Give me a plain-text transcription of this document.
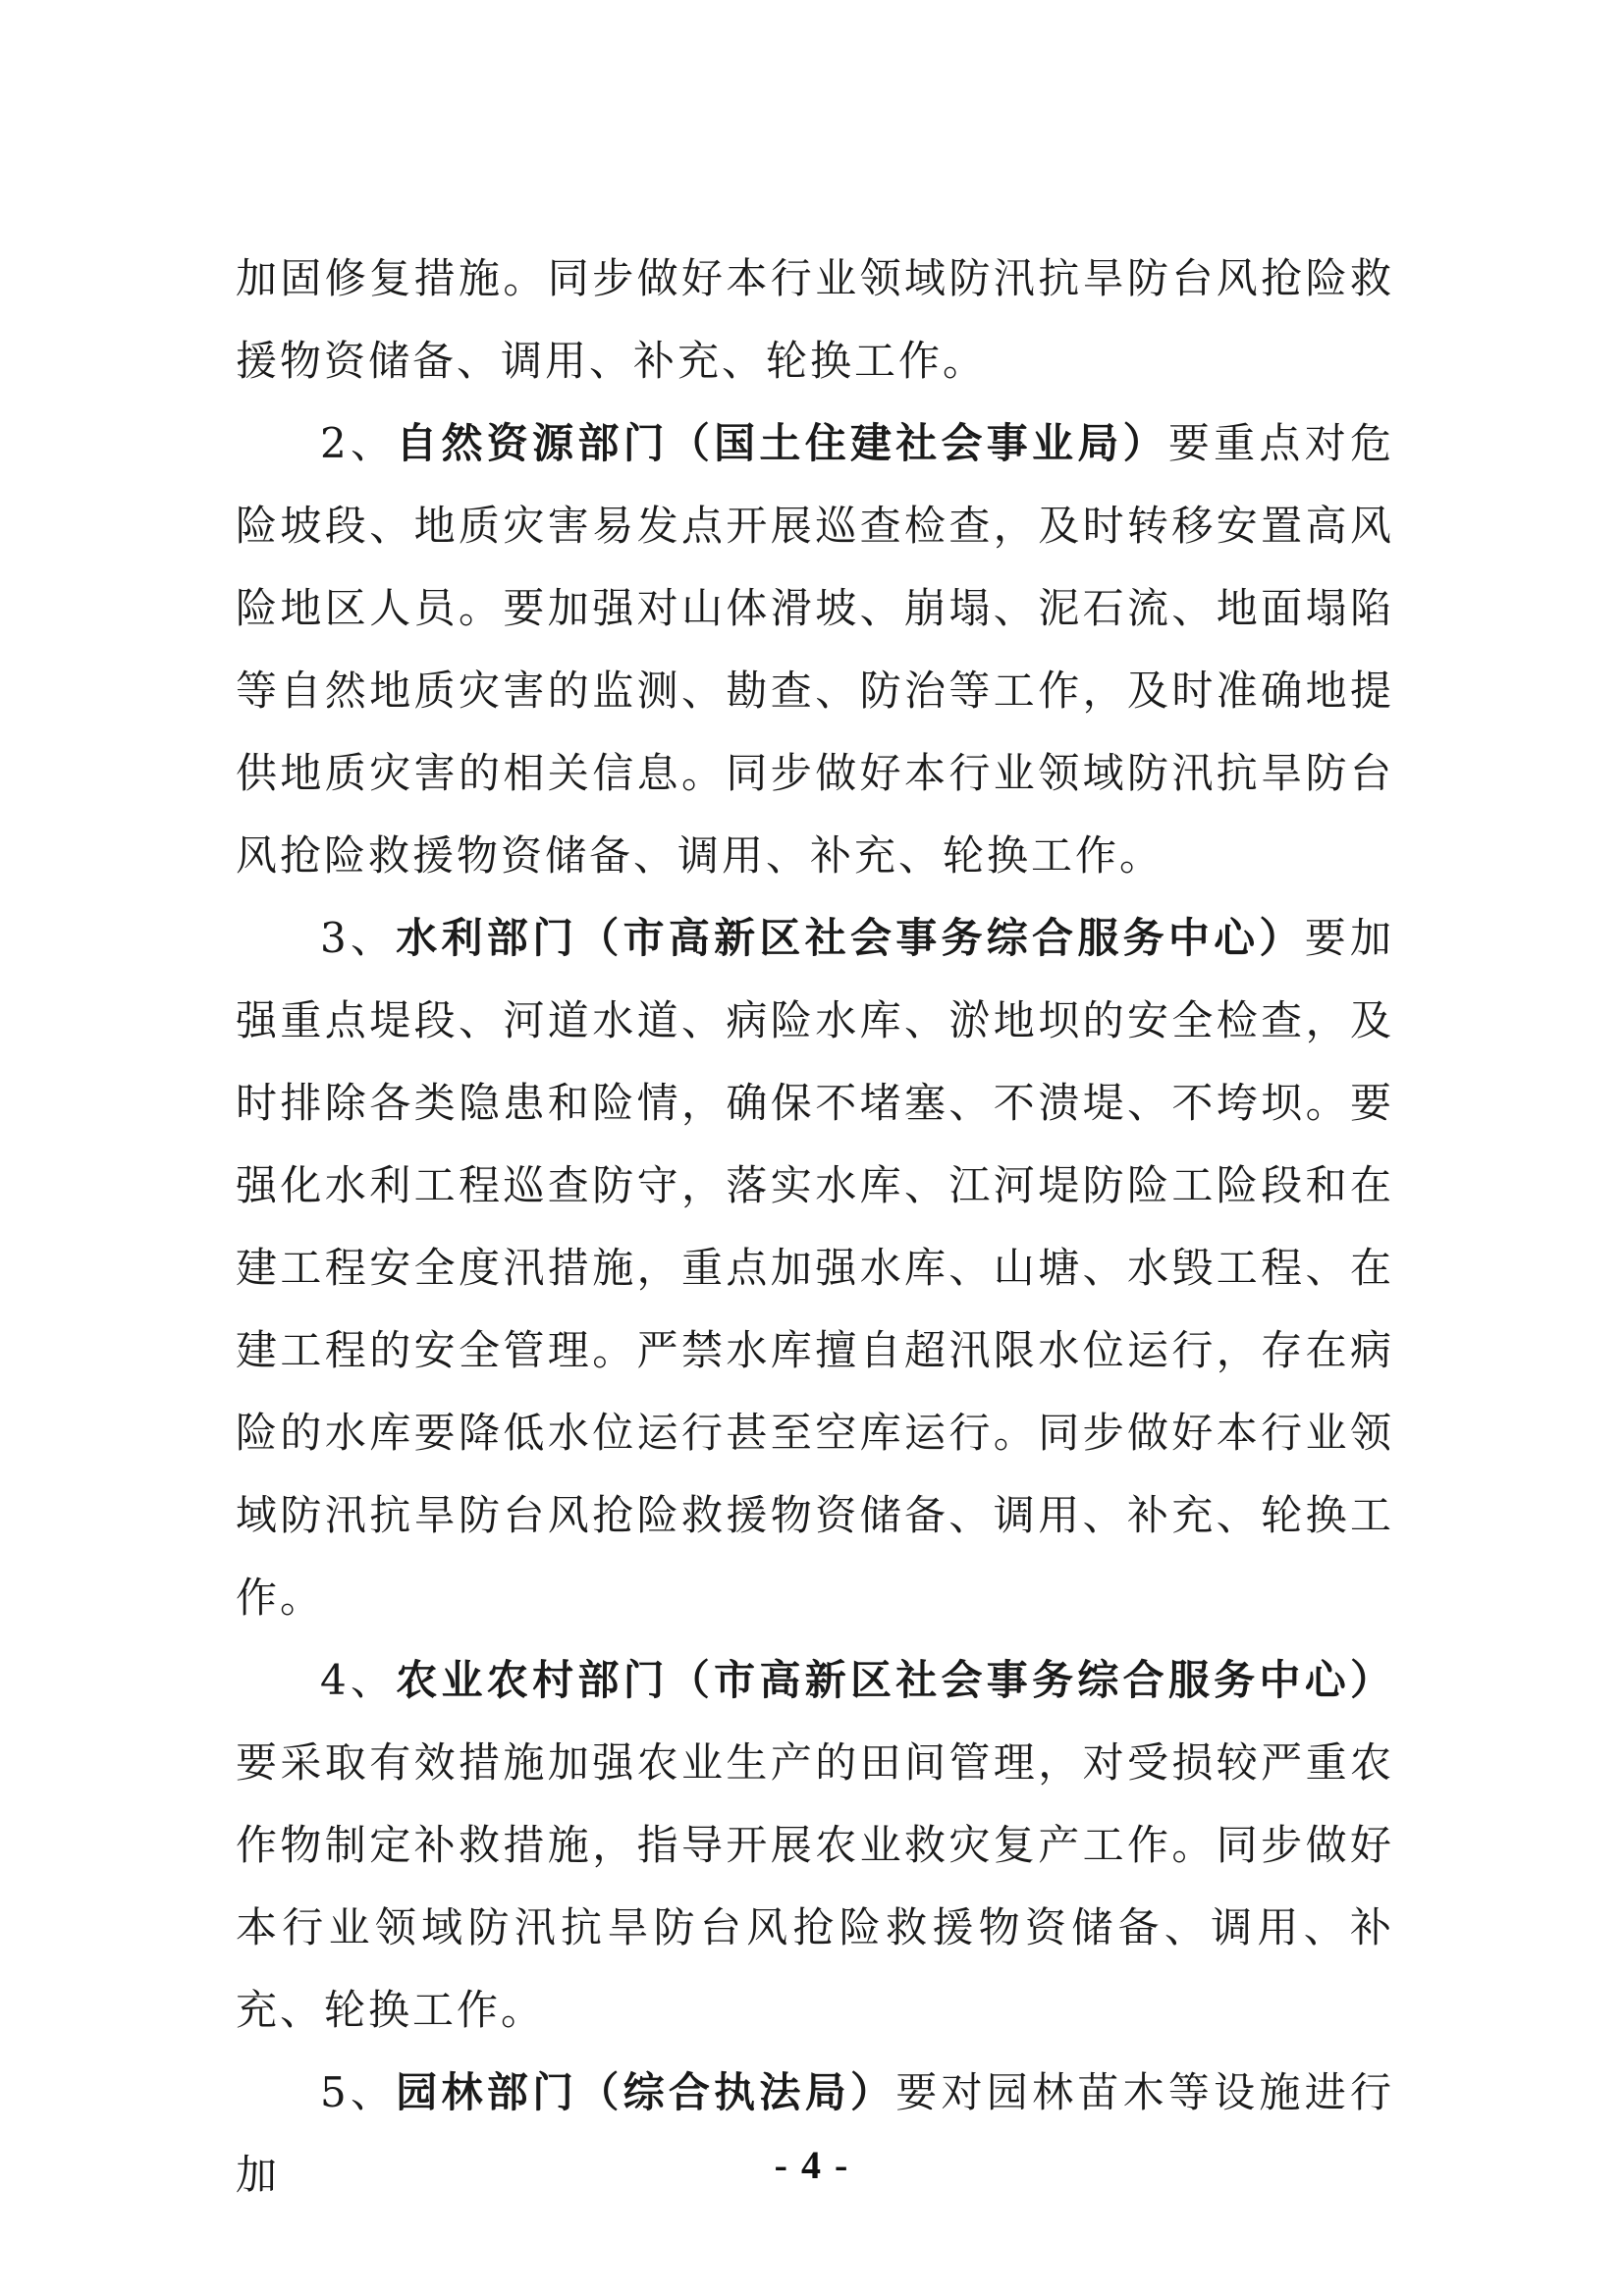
加固修复措施。同步做好本行业领域防汛抗旱防台风抢险救援物资储备、调用、补充、轮换工作。

2、自然资源部门（国土住建社会事业局）要重点对危险坡段、地质灾害易发点开展巡查检查，及时转移安置高风险地区人员。要加强对山体滑坡、崩塌、泥石流、地面塌陷等自然地质灾害的监测、勘查、防治等工作，及时准确地提供地质灾害的相关信息。同步做好本行业领域防汛抗旱防台风抢险救援物资储备、调用、补充、轮换工作。

3、水利部门（市高新区社会事务综合服务中心）要加强重点堤段、河道水道、病险水库、淤地坝的安全检查，及时排除各类隐患和险情，确保不堵塞、不溃堤、不垮坝。要强化水利工程巡查防守，落实水库、江河堤防险工险段和在建工程安全度汛措施，重点加强水库、山塘、水毁工程、在建工程的安全管理。严禁水库擅自超汛限水位运行，存在病险的水库要降低水位运行甚至空库运行。同步做好本行业领域防汛抗旱防台风抢险救援物资储备、调用、补充、轮换工作。

4、农业农村部门（市高新区社会事务综合服务中心）要采取有效措施加强农业生产的田间管理，对受损较严重农作物制定补救措施，指导开展农业救灾复产工作。同步做好本行业领域防汛抗旱防台风抢险救援物资储备、调用、补充、轮换工作。

5、园林部门（综合执法局）要对园林苗木等设施进行加	- 4 -
